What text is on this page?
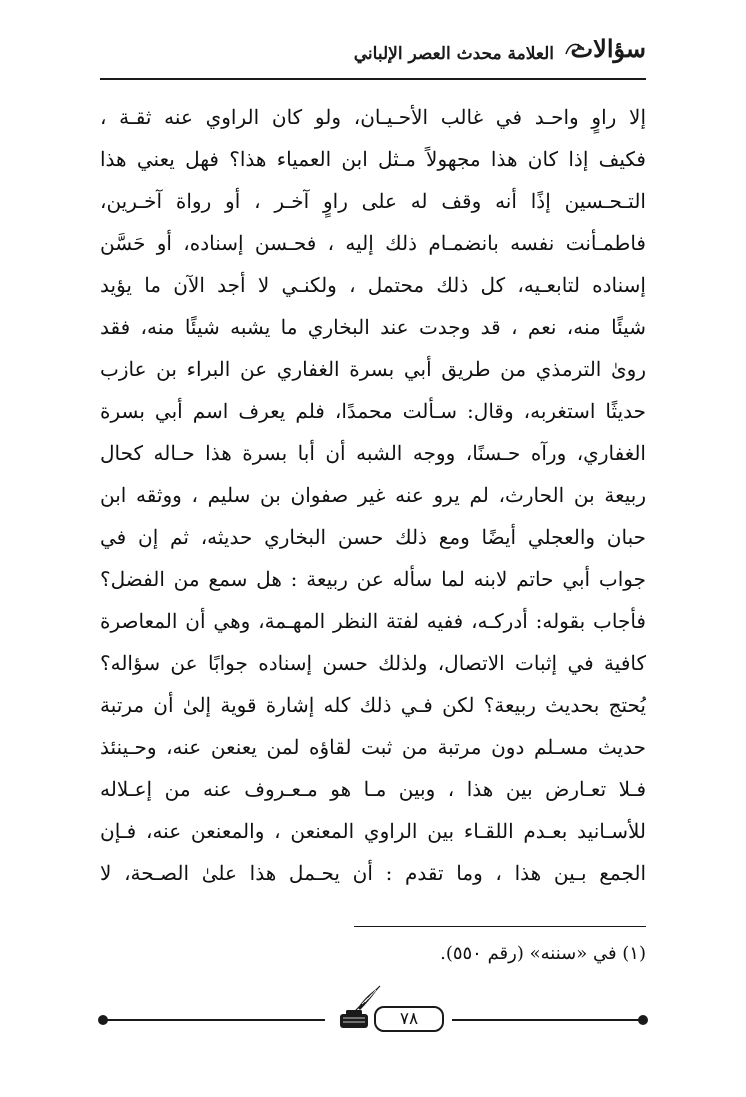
سؤالات
العلامة محدث العصر الإلباني
إلا راوٍ واحـد في غالب الأحـيـان، ولو كان الراوي عنه ثقـة ،
فكيف إذا كان هذا مجهولاً مـثل ابن العمياء هذا؟ فهل يعني هذا
التـحـسين إذًا أنه وقف له على راوٍ آخـر ، أو رواة آخـرين،
فاطمـأنت نفسه بانضمـام ذلك إليه ، فحـسن إسناده، أو حَسَّن
إسناده لتابعـيه، كل ذلك محتمل ، ولكنـي لا أجد الآن ما يؤيد
شيئًا منه، نعم ، قد وجدت عند البخاري ما يشبه شيئًا منه، فقد
روىٰ الترمذي من طريق أبي بسرة الغفاري عن البراء بن عازب
حديثًا استغربه، وقال: سـألت محمدًا، فلم يعرف اسم أبي بسرة
الغفاري، ورآه حـسنًا، ووجه الشبه أن أبا بسرة هذا حـاله كحال
ربيعة بن الحارث، لم يرو عنه غير صفوان بن سليم ، ووثقه ابن
حبان والعجلي أيضًا ومع ذلك حسن البخاري حديثه، ثم إن في
جواب أبي حاتم لابنه لما سأله عن ربيعة : هل سمع من الفضل؟
فأجاب بقوله: أدركـه، ففيه لفتة النظر المهـمة، وهي أن المعاصرة
كافية في إثبات الاتصال، ولذلك حسن إسناده جوابًا عن سؤاله؟
يُحتج بحديث ربيعة؟ لكن فـي ذلك كله إشارة قوية إلىٰ أن مرتبة
حديث مسـلم دون مرتبة من ثبت لقاؤه لمن يعنعن عنه، وحـينئذ
فـلا تعـارض بين هذا ، وبين مـا هو مـعـروف عنه من إعـلاله
للأسـانيد بعـدم اللقـاء بين الراوي المعنعن ، والمعنعن عنه، فـإن
الجمع بـين هذا ، وما تقدم : أن يحـمل هذا علىٰ الصـحة، لا
(١) في «سننه» (رقم ٥٥٠).
٧٨
